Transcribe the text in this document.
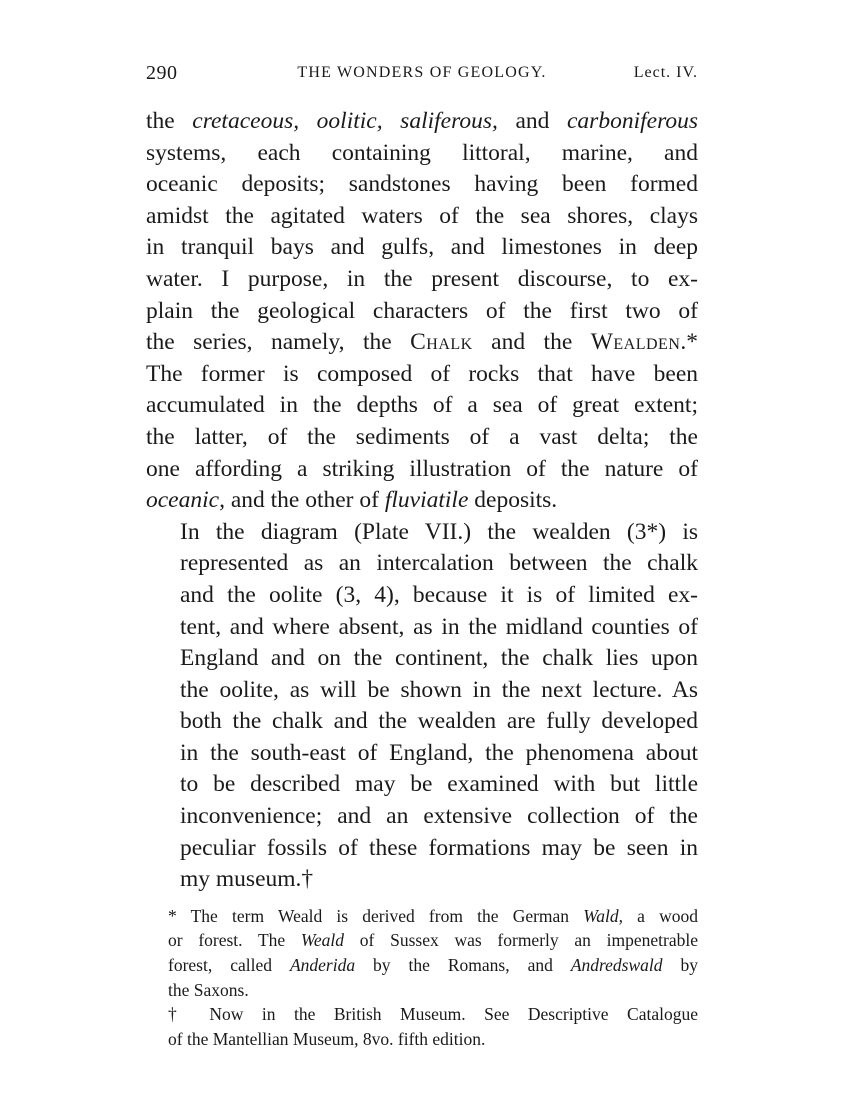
290	THE WONDERS OF GEOLOGY.	Lect. IV.

the cretaceous, oolitic, saliferous, and carboniferous
systems, each containing littoral, marine, and
oceanic deposits; sandstones having been formed
amidst the agitated waters of the sea shores, clays
in tranquil bays and gulfs, and limestones in deep
water. I purpose, in the present discourse, to ex-
plain the geological characters of the first two of
the series, namely, the Chalk and the Wealden.*
The former is composed of rocks that have been
accumulated in the depths of a sea of great extent;
the latter, of the sediments of a vast delta; the
one affording a striking illustration of the nature of
oceanic, and the other of fluviatile deposits.

In the diagram (Plate VII.) the wealden (3*) is
represented as an intercalation between the chalk
and the oolite (3, 4), because it is of limited ex-
tent, and where absent, as in the midland counties of
England and on the continent, the chalk lies upon
the oolite, as will be shown in the next lecture. As
both the chalk and the wealden are fully developed
in the south-east of England, the phenomena about
to be described may be examined with but little
inconvenience; and an extensive collection of the
peculiar fossils of these formations may be seen in
my museum.†

* The term Weald is derived from the German Wald, a wood
or forest. The Weald of Sussex was formerly an impenetrable
forest, called Anderida by the Romans, and Andredswald by
the Saxons.

† Now in the British Museum. See Descriptive Catalogue
of the Mantellian Museum, 8vo. fifth edition.
